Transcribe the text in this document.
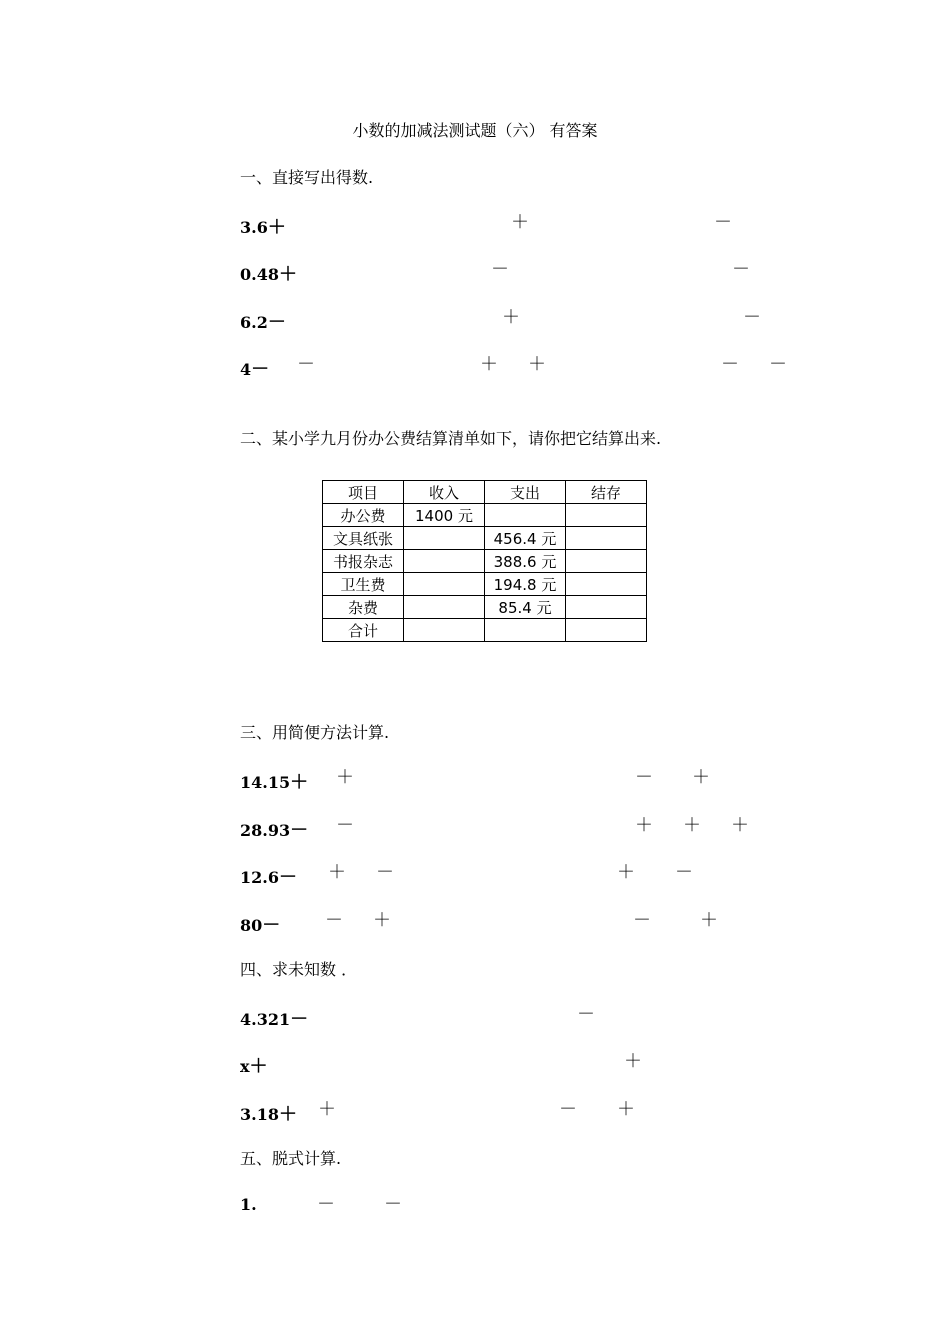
小数的加减法测试题（六） 有答案
一、直接写出得数.
3.6＋	＋	－
0.48＋	－	－
6.2－	＋	－
4－ －	＋ ＋	－ －
二、某小学九月份办公费结算清单如下，请你把它结算出来.
项目	收入	支出	结存
办公费	1400 元		
文具纸张		456.4 元	
书报杂志		388.6 元	
卫生费		194.8 元	
杂费		85.4 元	
合计			
三、用简便方法计算.
14.15＋ ＋	－ ＋
28.93－ －	＋ ＋ ＋
12.6－ ＋ －	＋ －
80－ － ＋	－	＋
四、求未知数 ．
4.321－	－
x＋	＋
3.18＋ ＋	－ ＋
五、脱式计算.
1.	－	－
